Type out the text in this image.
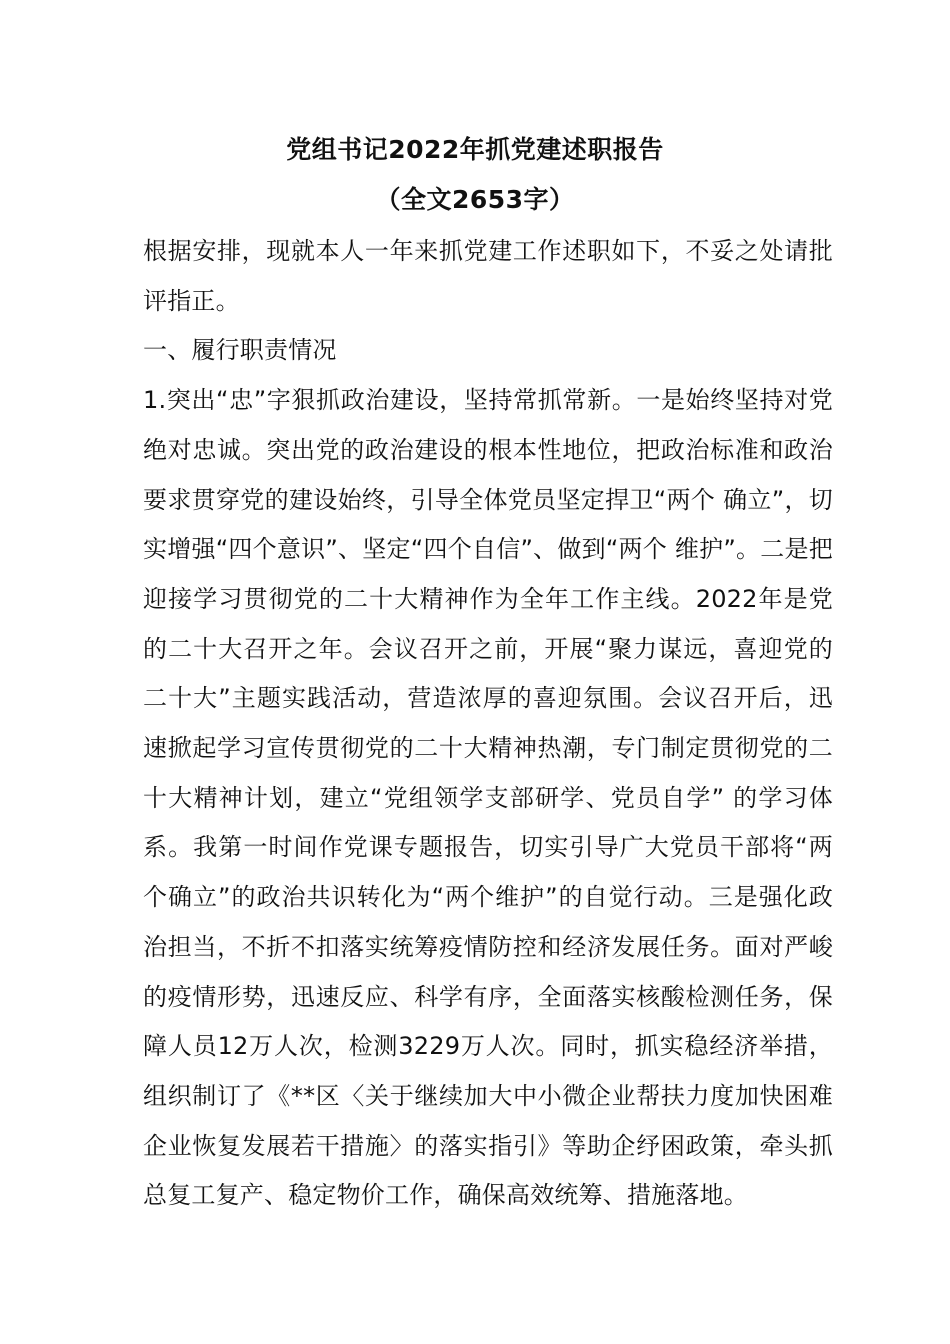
党组书记2022年抓党建述职报告
（全文2653字）

根据安排，现就本人一年来抓党建工作述职如下，不妥之处请批评指正。

一、履行职责情况

1.突出“忠”字狠抓政治建设，坚持常抓常新。一是始终坚持对党绝对忠诚。突出党的政治建设的根本性地位，把政治标准和政治要求贯穿党的建设始终，引导全体党员坚定捍卫“两个 确立”，切实增强“四个意识”、坚定“四个自信”、做到“两个 维护”。二是把迎接学习贯彻党的二十大精神作为全年工作主线。2022年是党的二十大召开之年。会议召开之前，开展“聚力谋远，喜迎党的二十大”主题实践活动，营造浓厚的喜迎氛围。会议召开后，迅速掀起学习宣传贯彻党的二十大精神热潮，专门制定贯彻党的二十大精神计划，建立“党组领学支部研学、党员自学” 的学习体系。我第一时间作党课专题报告，切实引导广大党员干部将“两个确立”的政治共识转化为“两个维护”的自觉行动。三是强化政治担当，不折不扣落实统筹疫情防控和经济发展任务。面对严峻的疫情形势，迅速反应、科学有序，全面落实核酸检测任务，保障人员12万人次，检测3229万人次。同时，抓实稳经济举措，组织制订了《**区〈关于继续加大中小微企业帮扶力度加快困难企业恢复发展若干措施〉的落实指引》等助企纾困政策，牵头抓总复工复产、稳定物价工作，确保高效统筹、措施落地。
